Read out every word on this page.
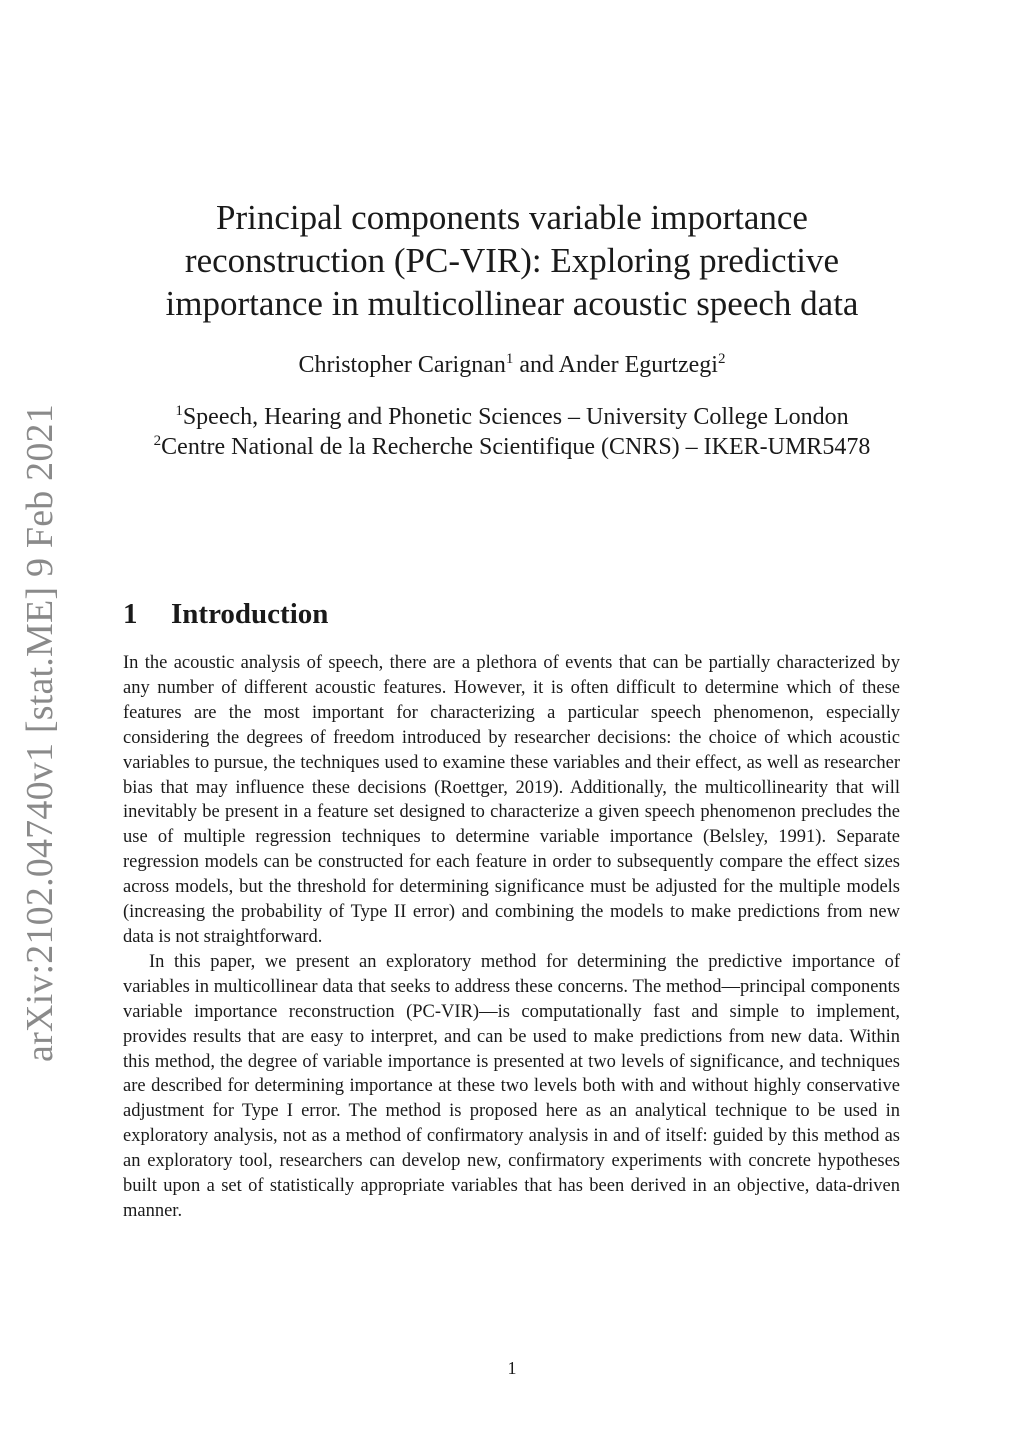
arXiv:2102.04740v1 [stat.ME] 9 Feb 2021
Principal components variable importance reconstruction (PC-VIR): Exploring predictive importance in multicollinear acoustic speech data
Christopher Carignan$^1$ and Ander Egurtzegi$^2$
$^1$Speech, Hearing and Phonetic Sciences – University College London
$^2$Centre National de la Recherche Scientifique (CNRS) – IKER-UMR5478
1 Introduction

In the acoustic analysis of speech, there are a plethora of events that can be partially characterized by any number of different acoustic features. However, it is often difficult to determine which of these features are the most important for characterizing a particular speech phenomenon, especially considering the degrees of freedom introduced by researcher decisions: the choice of which acoustic variables to pursue, the techniques used to examine these variables and their effect, as well as researcher bias that may influence these decisions (Roettger, 2019). Additionally, the multicollinearity that will inevitably be present in a feature set designed to characterize a given speech phenomenon precludes the use of multiple regression techniques to determine variable importance (Belsley, 1991). Separate regression models can be constructed for each feature in order to subsequently compare the effect sizes across models, but the threshold for determining significance must be adjusted for the multiple models (increasing the probability of Type II error) and combining the models to make predictions from new data is not straightforward.

In this paper, we present an exploratory method for determining the predictive importance of variables in multicollinear data that seeks to address these concerns. The method—principal components variable importance reconstruction (PC-VIR)—is computationally fast and simple to implement, provides results that are easy to interpret, and can be used to make predictions from new data. Within this method, the degree of variable importance is presented at two levels of significance, and techniques are described for determining importance at these two levels both with and without highly conservative adjustment for Type I error. The method is proposed here as an analytical technique to be used in exploratory analysis, not as a method of confirmatory analysis in and of itself: guided by this method as an exploratory tool, researchers can develop new, confirmatory experiments with concrete hypotheses built upon a set of statistically appropriate variables that has been derived in an objective, data-driven manner.

1
